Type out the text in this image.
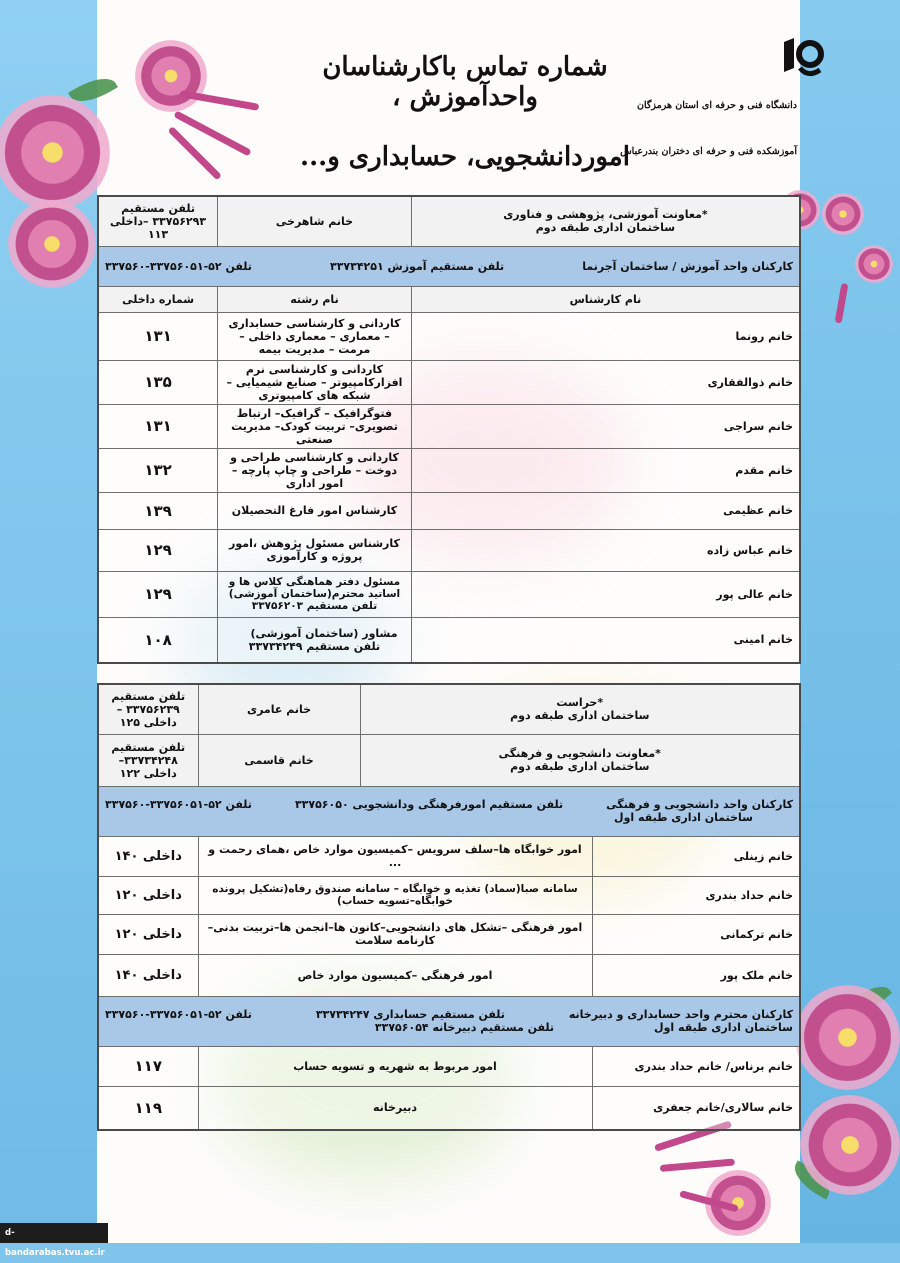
شماره تماس باکارشناسان واحدآموزش ،
اموردانشجویی، حسابداری و...
دانشگاه فنی و حرفه ای استان هرمزگان
آموزشکده فنی و حرفه ای دختران بندرعباس
*معاونت آموزشی، پژوهشی و فناوری
ساختمان اداری طبقه دوم	خانم شاهرخی	تلفن مستقیم ۳۳۷۵۶۲۹۳ –داخلی ۱۱۳

کارکنان واحد آموزش / ساختمان آجرنما
تلفن مستقیم آموزش ۳۳۷۳۴۲۵۱
تلفن ۵۲-۳۳۷۵۶۰۵۱-۳۳۷۵۶۰		

نام کارشناس	نام رشته	شماره داخلی
خانم رونما	کاردانی و کارشناسی حسابداری – معماری – معماری داخلی –مرمت – مدیریت بیمه	۱۳۱
خانم ذوالفقاری	کاردانی و کارشناسی نرم افزارکامپیوتر – صنایع شیمیایی – شبکه های کامپیوتری	۱۳۵
خانم سراجی	فتوگرافیک – گرافیک– ارتباط تصویری– تربیت کودک– مدیریت صنعتی	۱۳۱
خانم مقدم	کاردانی و کارشناسی طراحی و دوخت – طراحی و چاپ پارچه – امور اداری	۱۳۲
خانم عظیمی	کارشناس امور فارغ التحصیلان	۱۳۹
خانم عباس زاده	کارشناس مسئول پژوهش ،امور پروژه و کارآموزی	۱۲۹
خانم عالی پور	مسئول دفتر هماهنگی کلاس ها و اساتید محترم(ساختمان آموزشی) تلفن مستقیم ۳۳۷۵۶۲۰۳	۱۲۹
خانم امینی	مشاور (ساختمان آموزشی)      تلفن مستقیم ۳۳۷۳۴۲۴۹	۱۰۸
*حراست
ساختمان اداری طبقه دوم		خانم عامری	تلفن مستقیم ۳۳۷۵۶۲۳۹ –داخلی ۱۲۵

*معاونت دانشجویی و فرهنگی
ساختمان اداری طبقه دوم		خانم قاسمی	تلفن مستقیم ۳۳۷۳۴۲۴۸–داخلی ۱۲۲

کارکنان واحد دانشجویی و فرهنگی
تلفن مستقیم امورفرهنگی ودانشجویی ۳۳۷۵۶۰۵۰
تلفن ۵۲-۳۳۷۵۶۰۵۱-۳۳۷۵۶۰
ساختمان اداری طبقه اول			

خانم زینلی	امور خوابگاه ها–سلف سرویس –کمیسیون موارد خاص ،همای رحمت و ...		داخلی ۱۴۰
خانم حداد بندری	سامانه صبا(سماد) تغذیه و خوابگاه – سامانه صندوق رفاه(تشکیل پرونده خوابگاه–تسویه حساب)		داخلی ۱۲۰
خانم ترکمانی	امور فرهنگی –تشکل های دانشجویی–کانون ها–انجمن ها–تربیت بدنی–کارنامه سلامت		داخلی ۱۲۰
خانم ملک پور	امور فرهنگی –کمیسیون موارد خاص		داخلی ۱۴۰

کارکنان محترم واحد حسابداری و دبیرخانه
تلفن مستقیم حسابداری ۳۳۷۳۴۲۴۷
تلفن ۵۲-۳۳۷۵۶۰۵۱-۳۳۷۵۶۰
ساختمان اداری طبقه اول
تلفن مستقیم دبیرخانه ۳۳۷۵۶۰۵۴			

خانم برناس/ خانم حداد بندری	امور مربوط به شهریه و تسویه حساب		۱۱۷
خانم سالاری/خانم جعفری	دبیرخانه		۱۱۹
d-bandarabas.tvu.ac.ir
